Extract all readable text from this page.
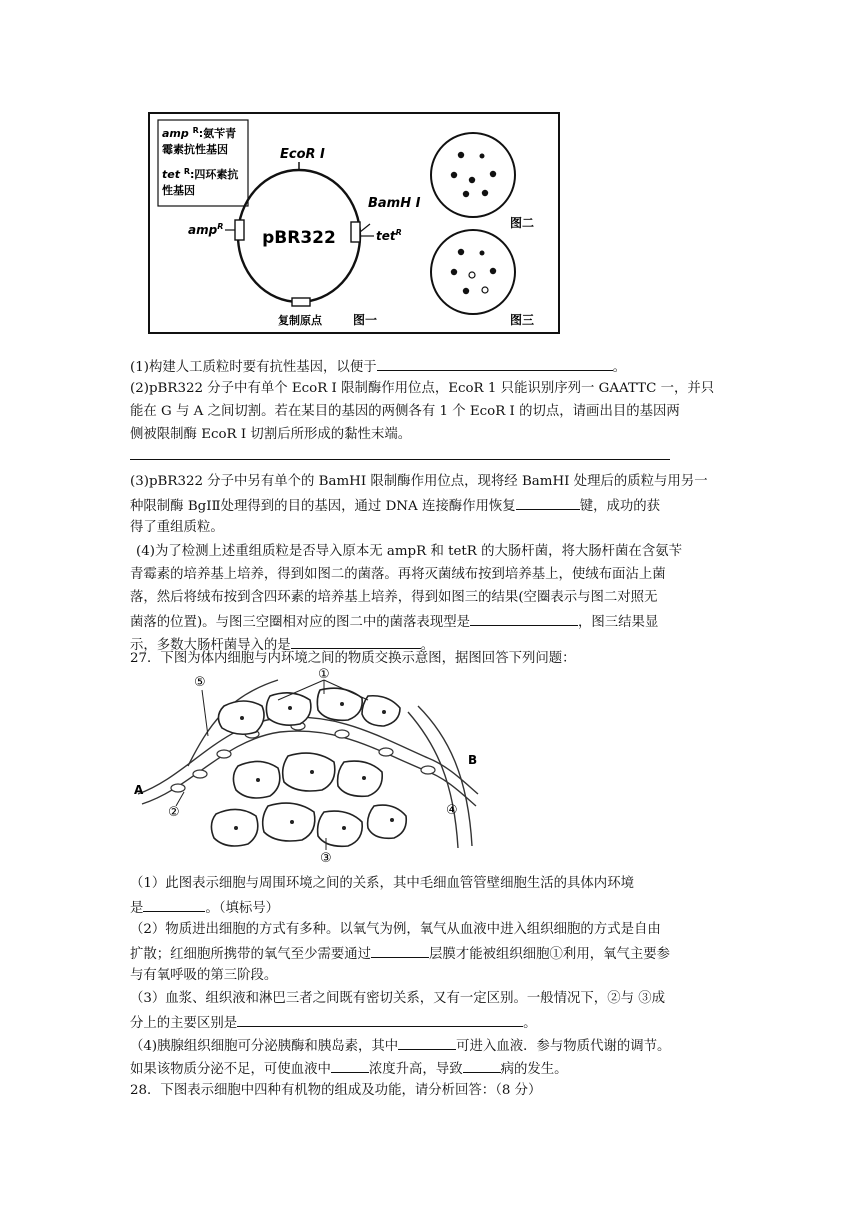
amp $^R$:氨苄青
霉素抗性基因
tet $^R$:四环素抗
性基因
pBR322
EcoR Ⅰ
BamH Ⅰ
tet$^R$
amp$^R$
复制原点	图一
图二
图三
(1)构建人工质粒时要有抗性基因，以便于	。
(2)pBR322 分子中有单个 EcoR I 限制酶作用位点，EcoR 1 只能识别序列一 GAATTC 一，并只
能在 G 与 A 之间切割。若在某目的基因的两侧各有 1 个 EcoR I 的切点，请画出目的基因两
侧被限制酶 EcoR I 切割后所形成的黏性末端。
(3)pBR322 分子中另有单个的 BamHI 限制酶作用位点，现将经 BamHI 处理后的质粒与用另一
种限制酶 BgIⅡ处理得到的目的基因，通过 DNA 连接酶作用恢复	键，成功的获
得了重组质粒。
(4)为了检测上述重组质粒是否导入原本无 ampR 和 tetR 的大肠杆菌，将大肠杆菌在含氨苄
青霉素的培养基上培养，得到如图二的菌落。再将灭菌绒布按到培养基上，使绒布面沾上菌
落，然后将绒布按到含四环素的培养基上培养，得到如图三的结果(空圈表示与图二对照无
菌落的位置)。与图三空圈相对应的图二中的菌落表现型是	，图三结果显
示，多数大肠杆菌导入的是	。
27．下图为体内细胞与内环境之间的物质交换示意图，据图回答下列问题：
①
⑤
A
②
B
④
③
（1）此图表示细胞与周围环境之间的关系，其中毛细血管管壁细胞生活的具体内环境
是	。（填标号）
（2）物质进出细胞的方式有多种。以氧气为例，氧气从血液中进入组织细胞的方式是自由
扩散；红细胞所携带的氧气至少需要通过	层膜才能被组织细胞①利用，氧气主要参
与有氧呼吸的第三阶段。
（3）血浆、组织液和淋巴三者之间既有密切关系，又有一定区别。一般情况下，②与 ③成
分上的主要区别是	。
（4)胰腺组织细胞可分泌胰酶和胰岛素，其中	可进入血液．参与物质代谢的调节。
如果该物质分泌不足，可使血液中	浓度升高，导致	病的发生。
28．下图表示细胞中四种有机物的组成及功能，请分析回答：（8 分）
